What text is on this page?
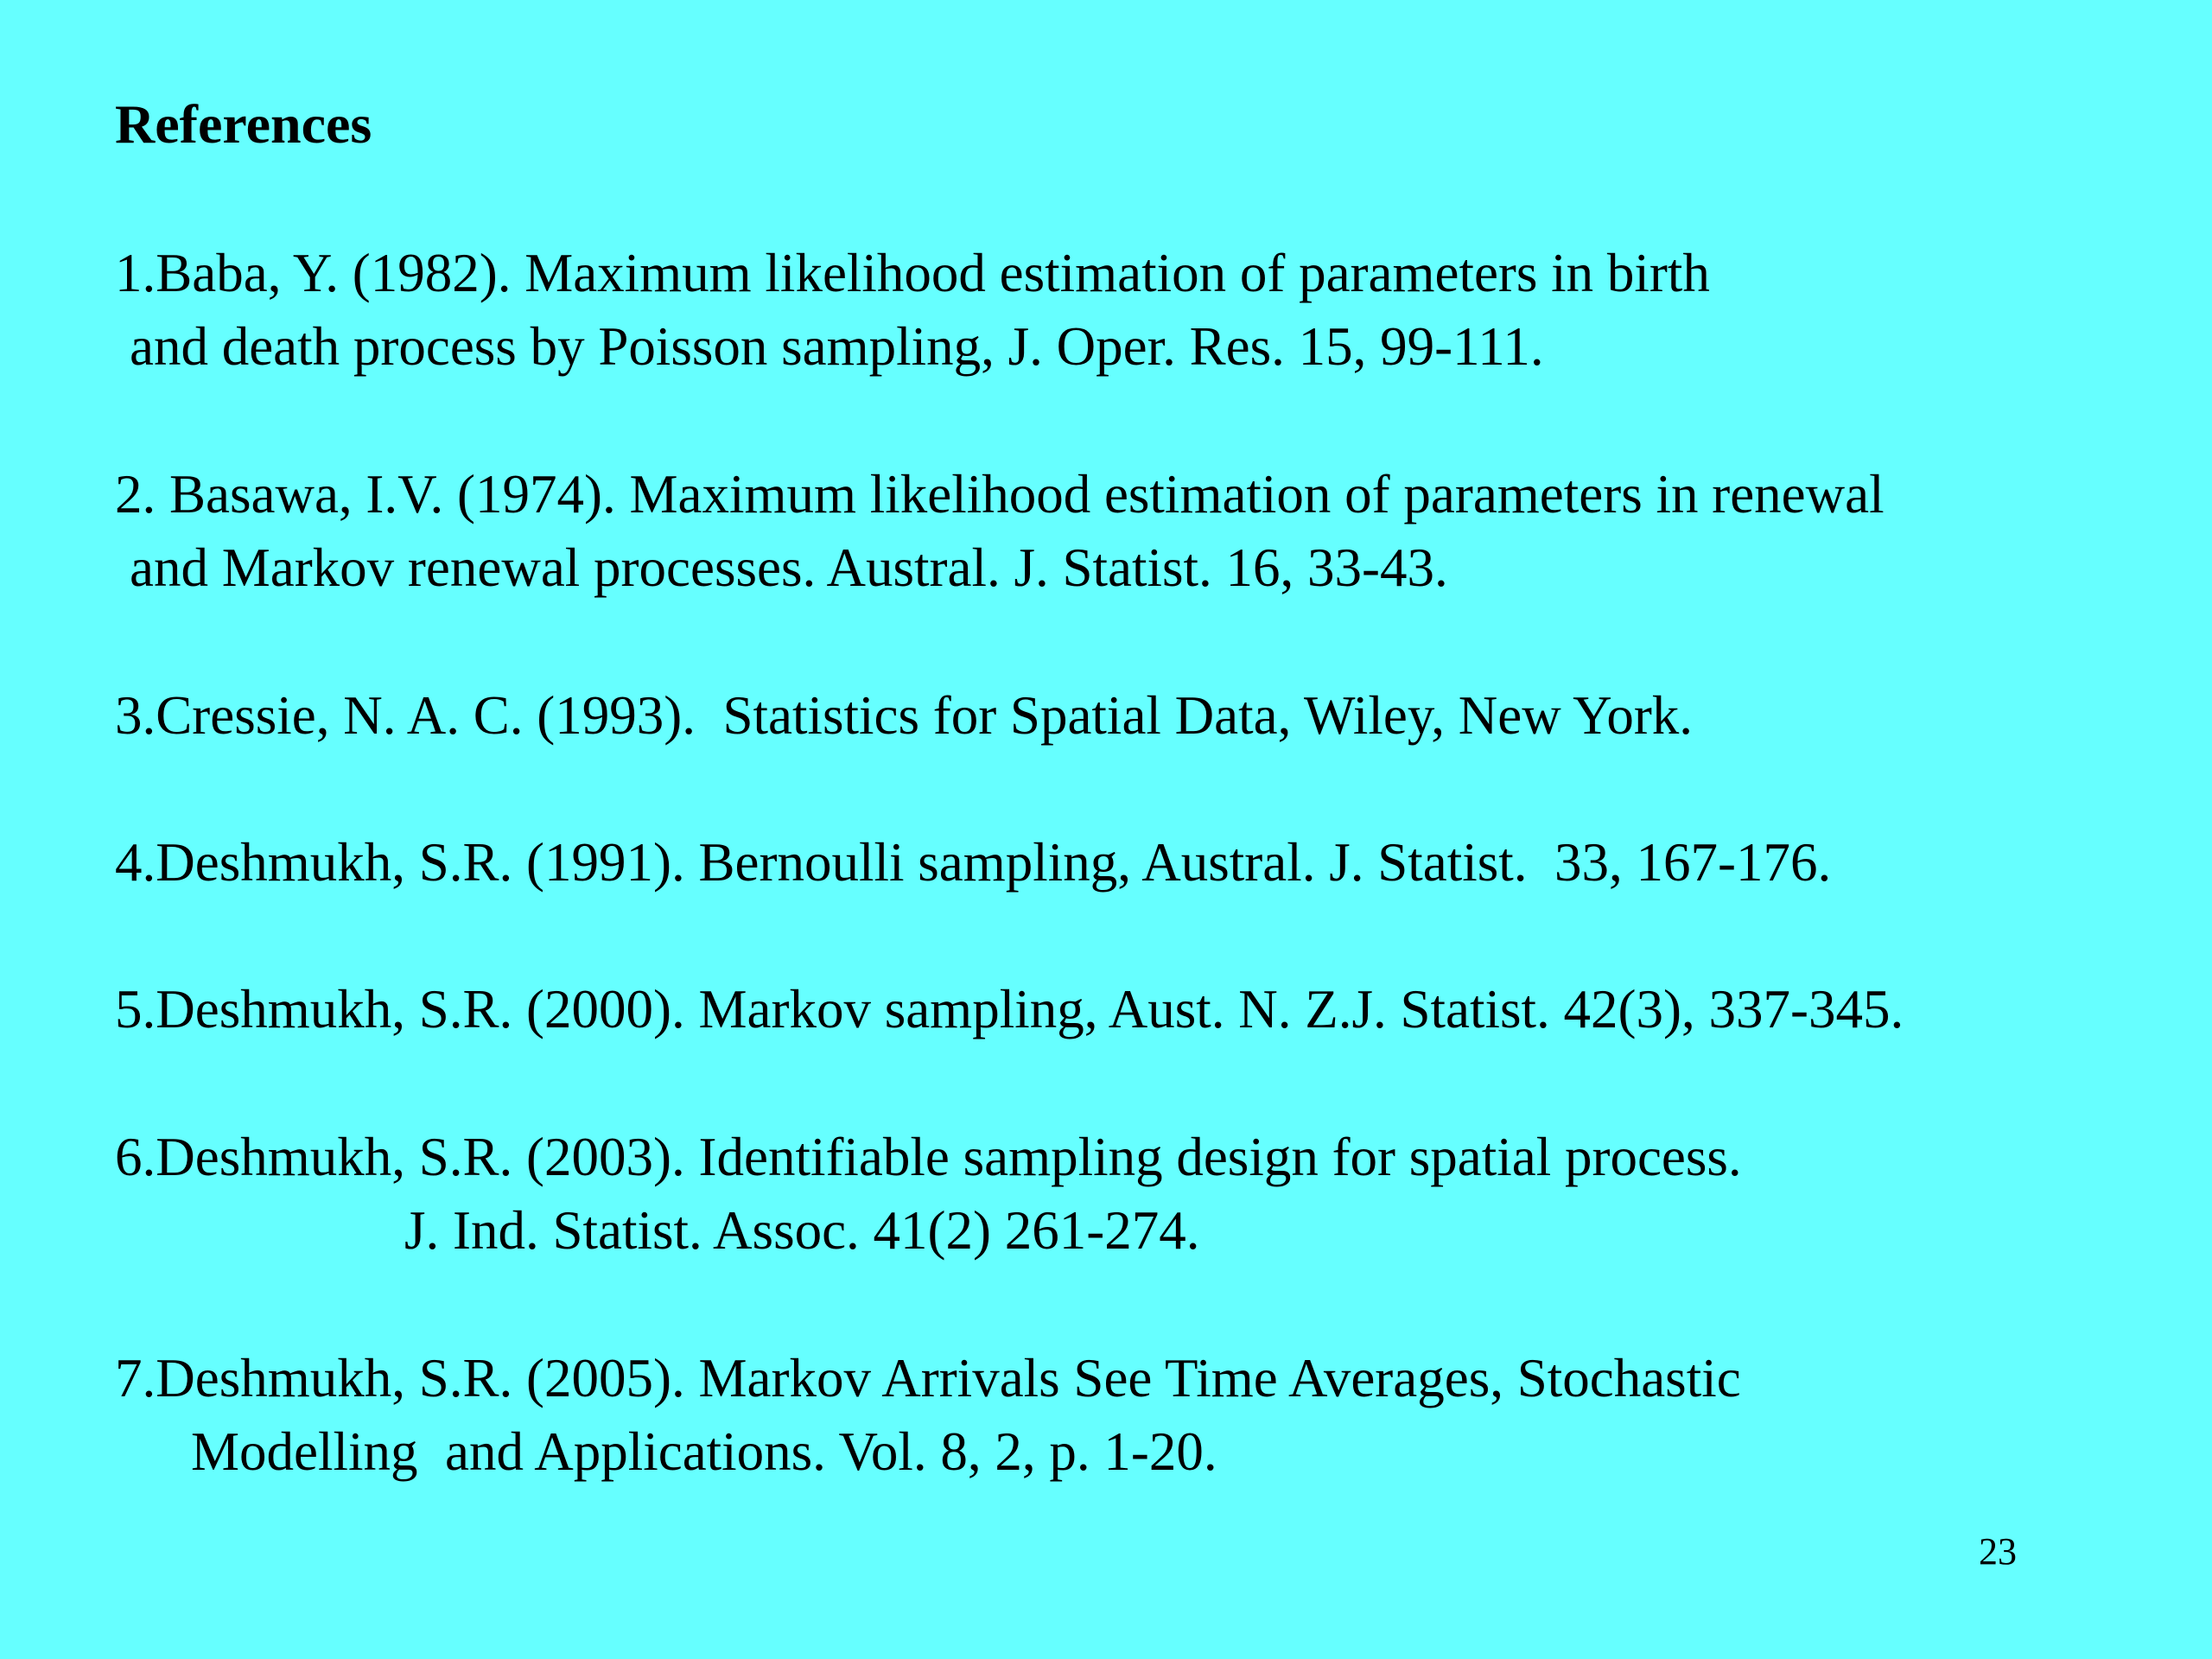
References
1.Baba, Y. (1982). Maximum likelihood estimation of parameters in birth
and death process by Poisson sampling, J. Oper. Res. 15, 99-111.
2. Basawa, I.V. (1974). Maximum likelihood estimation of parameters in renewal
and Markov renewal processes. Austral. J. Statist. 16, 33-43.
3.Cressie, N. A. C. (1993).  Statistics for Spatial Data, Wiley, New York.
4.Deshmukh, S.R. (1991). Bernoulli sampling, Austral. J. Statist.  33, 167-176.
5.Deshmukh, S.R. (2000). Markov sampling, Aust. N. Z.J. Statist. 42(3), 337-345.
6.Deshmukh, S.R. (2003). Identifiable sampling design for spatial process.
J. Ind. Statist. Assoc. 41(2) 261-274.
7.Deshmukh, S.R. (2005). Markov Arrivals See Time Averages, Stochastic
Modelling  and Applications. Vol. 8, 2, p. 1-20.
23
